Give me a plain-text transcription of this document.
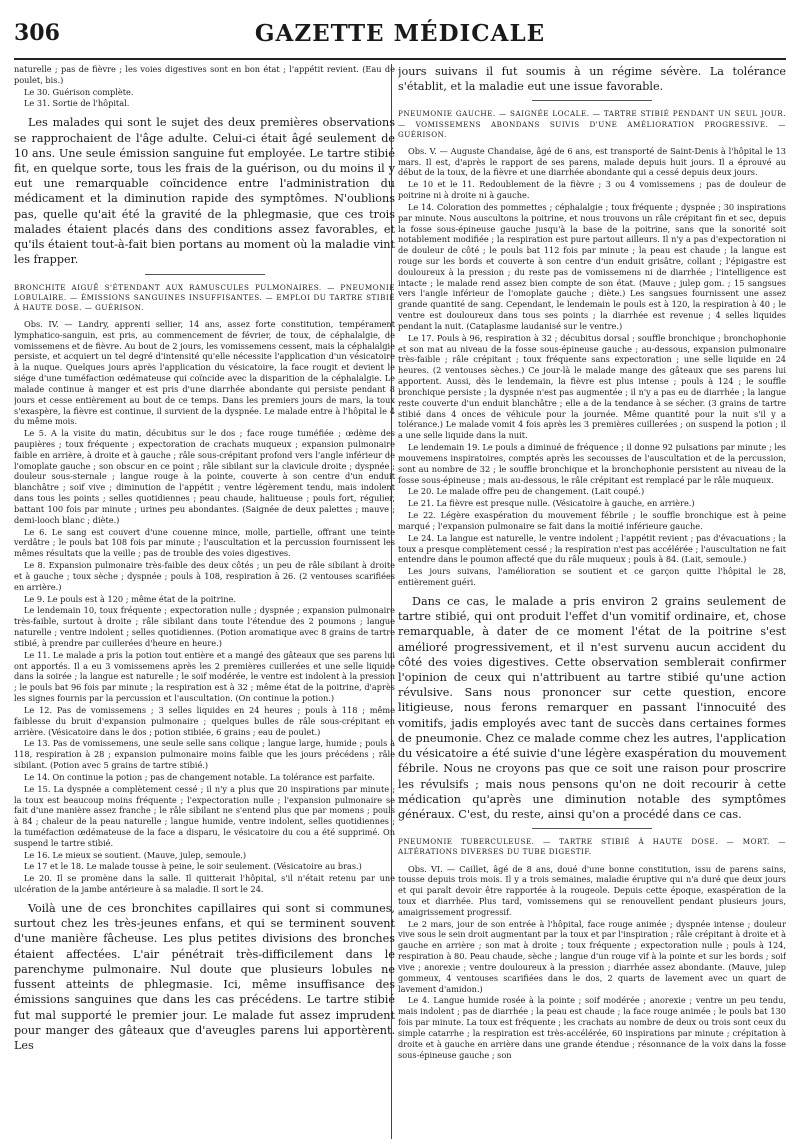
306	GAZETTE MÉDICALE

naturelle ; pas de fièvre ; les voies digestives sont en bon état ; l'appétit revient. (Eau de poulet, bis.)

Le 30. Guérison complète.

Le 31. Sortie de l'hôpital.

Les malades qui sont le sujet des deux premières observations se rapprochaient de l'âge adulte. Celui-ci était âgé seulement de 10 ans. Une seule émission sanguine fut employée. Le tartre stibié fit, en quelque sorte, tous les frais de la guérison, ou du moins il y eut une remarquable coïncidence entre l'administration du médicament et la diminution rapide des symptômes. N'oublions pas, quelle qu'ait été la gravité de la phlegmasie, que ces trois malades étaient placés dans des conditions assez favorables, et qu'ils étaient tout-à-fait bien portans au moment où la maladie vint les frapper.

BRONCHITE AIGUË S'ÉTENDANT AUX RAMUSCULES PULMONAIRES. — PNEUMONIE LOBULAIRE. — ÉMISSIONS SANGUINES INSUFFISANTES. — EMPLOI DU TARTRE STIBIÉ À HAUTE DOSE. — GUÉRISON.

Obs. IV. — Landry, apprenti sellier, 14 ans, assez forte constitution, tempérament lymphatico-sanguin, est pris, au commencement de février, de toux, de céphalalgie, de vomissemens et de fièvre. Au bout de 2 jours, les vomissemens cessent, mais la céphalalgie persiste, et acquiert un tel degré d'intensité qu'elle nécessite l'application d'un vésicatoire à la nuque. Quelques jours après l'application du vésicatoire, la face rougit et devient le siége d'une tuméfaction œdémateuse qui coïncide avec la disparition de la céphalalgie. Le malade continue à manger et est pris d'une diarrhée abondante qui persiste pendant 8 jours et cesse entièrement au bout de ce temps. Dans les premiers jours de mars, la toux s'exaspère, la fièvre est continue, il survient de la dyspnée. Le malade entre à l'hôpital le 4 du même mois.

Le 5. A la visite du matin, décubitus sur le dos ; face rouge tuméfiée ; œdème des paupières ; toux fréquente ; expectoration de crachats muqueux ; expansion pulmonaire faible en arrière, à droite et à gauche ; râle sous-crépitant profond vers l'angle inférieur de l'omoplate gauche ; son obscur en ce point ; râle sibilant sur la clavicule droite ; dyspnée ; douleur sous-sternale ; langue rouge à la pointe, couverte à son centre d'un enduit blanchâtre ; soif vive ; diminution de l'appétit ; ventre légèrement tendu, mais indolent dans tous les points ; selles quotidiennes ; peau chaude, halitueuse ; pouls fort, régulier, battant 100 fois par minute ; urines peu abondantes. (Saignée de deux palettes ; mauve ; demi-looch blanc ; diète.)

Le 6. Le sang est couvert d'une couenne mince, molle, partielle, offrant une teinte verdâtre ; le pouls bat 108 fois par minute ; l'auscultation et la percussion fournissent les mêmes résultats que la veille ; pas de trouble des voies digestives.

Le 8. Expansion pulmonaire très-faible des deux côtés ; un peu de râle sibilant à droite et à gauche ; toux sèche ; dyspnée ; pouls à 108, respiration à 26. (2 ventouses scarifiées en arrière.)

Le 9. Le pouls est à 120 ; même état de la poitrine.

Le lendemain 10, toux fréquente ; expectoration nulle ; dyspnée ; expansion pulmonaire très-faible, surtout à droite ; râle sibilant dans toute l'étendue des 2 poumons ; langue naturelle ; ventre indolent ; selles quotidiennes. (Potion aromatique avec 8 grains de tartre stibié, à prendre par cuillerées d'heure en heure.)

Le 11. Le malade a pris la potion tout entière et a mangé des gâteaux que ses parens lui ont apportés. Il a eu 3 vomissemens après les 2 premières cuillerées et une selle liquide dans la soirée ; la langue est naturelle ; le soif modérée, le ventre est indolent à la pression ; le pouls bat 96 fois par minute ; la respiration est à 32 ; même état de la poitrine, d'après les signes fournis par la percussion et l'auscultation. (On continue la potion.)

Le 12. Pas de vomissemens ; 3 selles liquides en 24 heures ; pouls à 118 ; même faiblesse du bruit d'expansion pulmonaire ; quelques bulles de râle sous-crépitant en arrière. (Vésicatoire dans le dos ; potion stibiée, 6 grains ; eau de poulet.)

Le 13. Pas de vomissemens, une seule selle sans colique ; langue large, humide ; pouls à 118, respiration à 28 ; expansion pulmonaire moins faible que les jours précédens ; râle sibilant. (Potion avec 5 grains de tartre stibié.)

Le 14. On continue la potion ; pas de changement notable. La tolérance est parfaite.

Le 15. La dyspnée a complètement cessé ; il n'y a plus que 20 inspirations par minute ; la toux est beaucoup moins fréquente ; l'expectoration nulle ; l'expansion pulmonaire se fait d'une manière assez franche ; le râle sibilant ne s'entend plus que par momens ; pouls à 84 ; chaleur de la peau naturelle ; langue humide, ventre indolent, selles quotidiennes ; la tuméfaction œdémateuse de la face a disparu, le vésicatoire du cou a été supprimé. On suspend le tartre stibié.

Le 16. Le mieux se soutient. (Mauve, julep, semoule.)

Le 17 et le 18. Le malade tousse à peine, le soir seulement. (Vésicatoire au bras.)

Le 20. Il se promène dans la salle. Il quitterait l'hôpital, s'il n'était retenu par une ulcération de la jambe antérieure à sa maladie. Il sort le 24.

Voilà une de ces bronchites capillaires qui sont si communes, surtout chez les très-jeunes enfans, et qui se terminent souvent d'une manière fâcheuse. Les plus petites divisions des bronches étaient affectées. L'air pénétrait très-difficilement dans le parenchyme pulmonaire. Nul doute que plusieurs lobules ne fussent atteints de phlegmasie. Ici, même insuffisance des émissions sanguines que dans les cas précédens. Le tartre stibié fut mal supporté le premier jour. Le malade fut assez imprudent pour manger des gâteaux que d'aveugles parens lui apportèrent. Les

jours suivans il fut soumis à un régime sévère. La tolérance s'établit, et la maladie eut une issue favorable.

PNEUMONIE GAUCHE. — SAIGNÉE LOCALE. — TARTRE STIBIÉ PENDANT UN SEUL JOUR. — VOMISSEMENS ABONDANS SUIVIS D'UNE AMÉLIORATION PROGRESSIVE. — GUÉRISON.

Obs. V. — Auguste Chandaise, âgé de 6 ans, est transporté de Saint-Denis à l'hôpital le 13 mars. Il est, d'après le rapport de ses parens, malade depuis huit jours. Il a éprouvé au début de la toux, de la fièvre et une diarrhée abondante qui a cessé depuis deux jours.

Le 10 et le 11. Redoublement de la fièvre ; 3 ou 4 vomissemens ; pas de douleur de poitrine ni à droite ni à gauche.

Le 14. Coloration des pommettes ; céphalalgie ; toux fréquente ; dyspnée ; 30 inspirations par minute. Nous auscultons la poitrine, et nous trouvons un râle crépitant fin et sec, depuis la fosse sous-épineuse gauche jusqu'à la base de la poitrine, sans que la sonorité soit notablement modifiée ; la respiration est pure partout ailleurs. Il n'y a pas d'expectoration ni de douleur de côté ; le pouls bat 112 fois par minute ; la peau est chaude ; la langue est rouge sur les bords et couverte à son centre d'un enduit grisâtre, collant ; l'épigastre est douloureux à la pression ; du reste pas de vomissemens ni de diarrhée ; l'intelligence est intacte ; le malade rend assez bien compte de son état. (Mauve ; julep gom. ; 15 sangsues vers l'angle inférieur de l'omoplate gauche ; diète.) Les sangsues fournissent une assez grande quantité de sang. Cependant, le lendemain le pouls est à 120, la respiration à 40 ; le ventre est douloureux dans tous ses points ; la diarrhée est revenue ; 4 selles liquides pendant la nuit. (Cataplasme laudanisé sur le ventre.)

Le 17. Pouls à 96, respiration à 32 ; décubitus dorsal ; souffle bronchique ; bronchophonie et son mat au niveau de la fosse sous-épineuse gauche ; au-dessous, expansion pulmonaire très-faible ; râle crépitant ; toux fréquente sans expectoration ; une selle liquide en 24 heures. (2 ventouses sèches.) Ce jour-là le malade mange des gâteaux que ses parens lui apportent. Aussi, dès le lendemain, la fièvre est plus intense ; pouls à 124 ; le souffle bronchique persiste ; la dyspnée n'est pas augmentée ; il n'y a pas eu de diarrhée ; la langue reste couverte d'un enduit blanchâtre ; elle a de la tendance à se sécher. (3 grains de tartre stibié dans 4 onces de véhicule pour la journée. Même quantité pour la nuit s'il y a tolérance.) Le malade vomit 4 fois après les 3 premières cuillerées ; on suspend la potion ; il a une selle liquide dans la nuit.

Le lendemain 19. Le pouls a diminué de fréquence ; il donne 92 pulsations par minute ; les mouvemens inspiratoires, comptés après les secousses de l'auscultation et de la percussion, sont au nombre de 32 ; le souffle bronchique et la bronchophonie persistent au niveau de la fosse sous-épineuse ; mais au-dessous, le râle crépitant est remplacé par le râle muqueux.

Le 20. Le malade offre peu de changement. (Lait coupé.)

Le 21. La fièvre est presque nulle. (Vésicatoire à gauche, en arrière.)

Le 22. Légère exaspération du mouvement fébrile ; le souffle bronchique est à peine marqué ; l'expansion pulmonaire se fait dans la moitié inférieure gauche.

Le 24. La langue est naturelle, le ventre indolent ; l'appétit revient ; pas d'évacuations ; la toux a presque complètement cessé ; la respiration n'est pas accélérée ; l'auscultation ne fait entendre dans le poumon affecté que du râle muqueux ; pouls à 84. (Lait, semoule.)

Les jours suivans, l'amélioration se soutient et ce garçon quitte l'hôpital le 28, entièrement guéri.

Dans ce cas, le malade a pris environ 2 grains seulement de tartre stibié, qui ont produit l'effet d'un vomitif ordinaire, et, chose remarquable, à dater de ce moment l'état de la poitrine s'est amélioré progressivement, et il n'est survenu aucun accident du côté des voies digestives. Cette observation semblerait confirmer l'opinion de ceux qui n'attribuent au tartre stibié qu'une action révulsive. Sans nous prononcer sur cette question, encore litigieuse, nous ferons remarquer en passant l'innocuité des vomitifs, jadis employés avec tant de succès dans certaines formes de pneumonie. Chez ce malade comme chez les autres, l'application du vésicatoire a été suivie d'une légère exaspération du mouvement fébrile. Nous ne croyons pas que ce soit une raison pour proscrire les révulsifs ; mais nous pensons qu'on ne doit recourir à cette médication qu'après une diminution notable des symptômes généraux. C'est, du reste, ainsi qu'on a procédé dans ce cas.

PNEUMONIE TUBERCULEUSE. — TARTRE STIBIÉ À HAUTE DOSE. — MORT. — ALTÉRATIONS DIVERSES DU TUBE DIGESTIF.

Obs. VI. — Caillet, âgé de 8 ans, doué d'une bonne constitution, issu de parens sains, tousse depuis trois mois. Il y a trois semaines, maladie éruptive qui n'a duré que deux jours et qui paraît devoir être rapportée à la rougeole. Depuis cette époque, exaspération de la toux et diarrhée. Plus tard, vomissemens qui se renouvellent pendant plusieurs jours, amaigrissement progressif.

Le 2 mars, jour de son entrée à l'hôpital, face rouge animée ; dyspnée intense ; douleur vive sous le sein droit augmentant par la toux et par l'inspiration ; râle crépitant à droite et à gauche en arrière ; son mat à droite ; toux fréquente ; expectoration nulle ; pouls à 124, respiration à 80. Peau chaude, sèche ; langue d'un rouge vif à la pointe et sur les bords ; soif vive ; anorexie ; ventre douloureux à la pression ; diarrhée assez abondante. (Mauve, julep gommeux, 4 ventouses scarifiées dans le dos, 2 quarts de lavement avec un quart de lavement d'amidon.)

Le 4. Langue humide rosée à la pointe ; soif modérée ; anorexie ; ventre un peu tendu, mais indolent ; pas de diarrhée ; la peau est chaude ; la face rouge animée ; le pouls bat 130 fois par minute. La toux est fréquente ; les crachats au nombre de deux ou trois sont ceux du simple catarrhe ; la respiration est très-accélérée, 60 inspirations par minute ; crépitation à droite et à gauche en arrière dans une grande étendue ; résonnance de la voix dans la fosse sous-épineuse gauche ; son
